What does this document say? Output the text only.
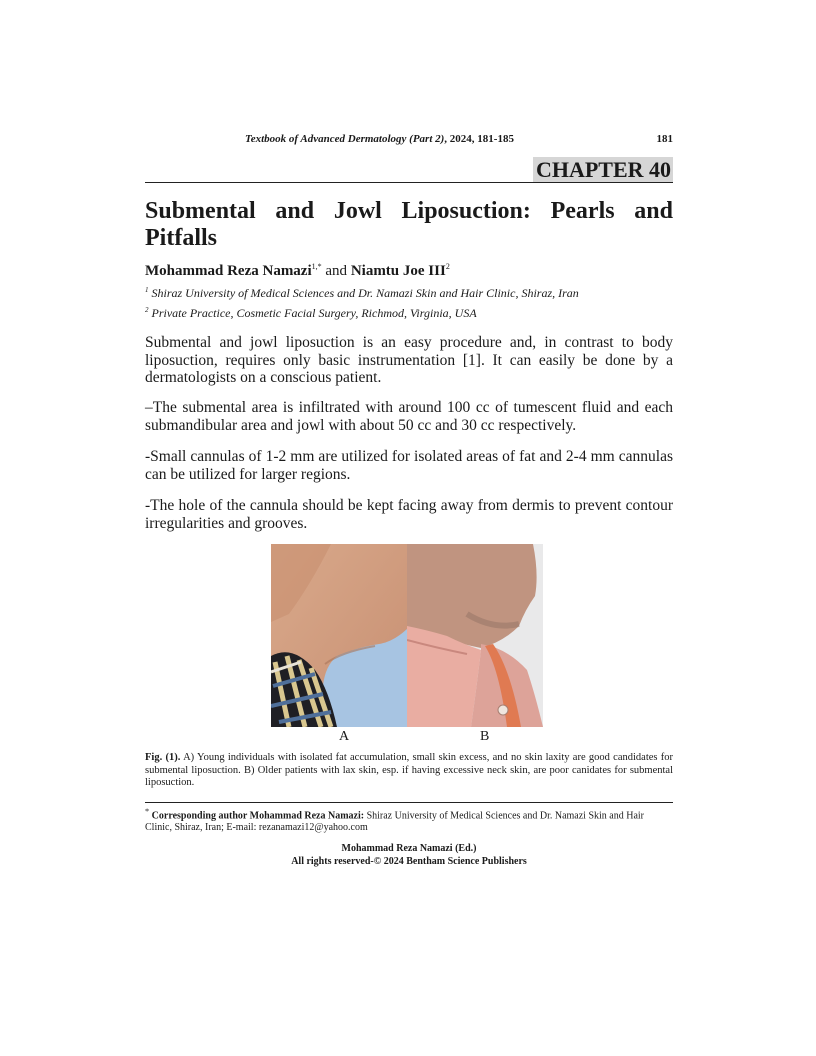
Textbook of Advanced Dermatology (Part 2), 2024, 181-185	181
CHAPTER 40
Submental and Jowl Liposuction: Pearls and Pitfalls
Mohammad Reza Namazi$^{1,*}$ and Niamtu Joe III$^2$
$^1$ Shiraz University of Medical Sciences and Dr. Namazi Skin and Hair Clinic, Shiraz, Iran
$^2$ Private Practice, Cosmetic Facial Surgery, Richmod, Virginia, USA

Submental and jowl liposuction is an easy procedure and, in contrast to body liposuction, requires only basic instrumentation [1]. It can easily be done by a dermatologists on a conscious patient.

–The submental area is infiltrated with around 100 cc of tumescent fluid and each submandibular area and jowl with about 50 cc and 30 cc respectively.

-Small cannulas of 1-2 mm are utilized for isolated areas of fat and 2-4 mm cannulas can be utilized for larger regions.

-The hole of the cannula should be kept facing away from dermis to prevent contour irregularities and grooves.

A	B

Fig. (1). A) Young individuals with isolated fat accumulation, small skin excess, and no skin laxity are good candidates for submental liposuction. B) Older patients with lax skin, esp. if having excessive neck skin, are poor canidates for submental liposuction.

* Corresponding author Mohammad Reza Namazi: Shiraz University of Medical Sciences and Dr. Namazi Skin and Hair Clinic, Shiraz, Iran; E-mail: rezanamazi12@yahoo.com

Mohammad Reza Namazi (Ed.)
All rights reserved-© 2024 Bentham Science Publishers
